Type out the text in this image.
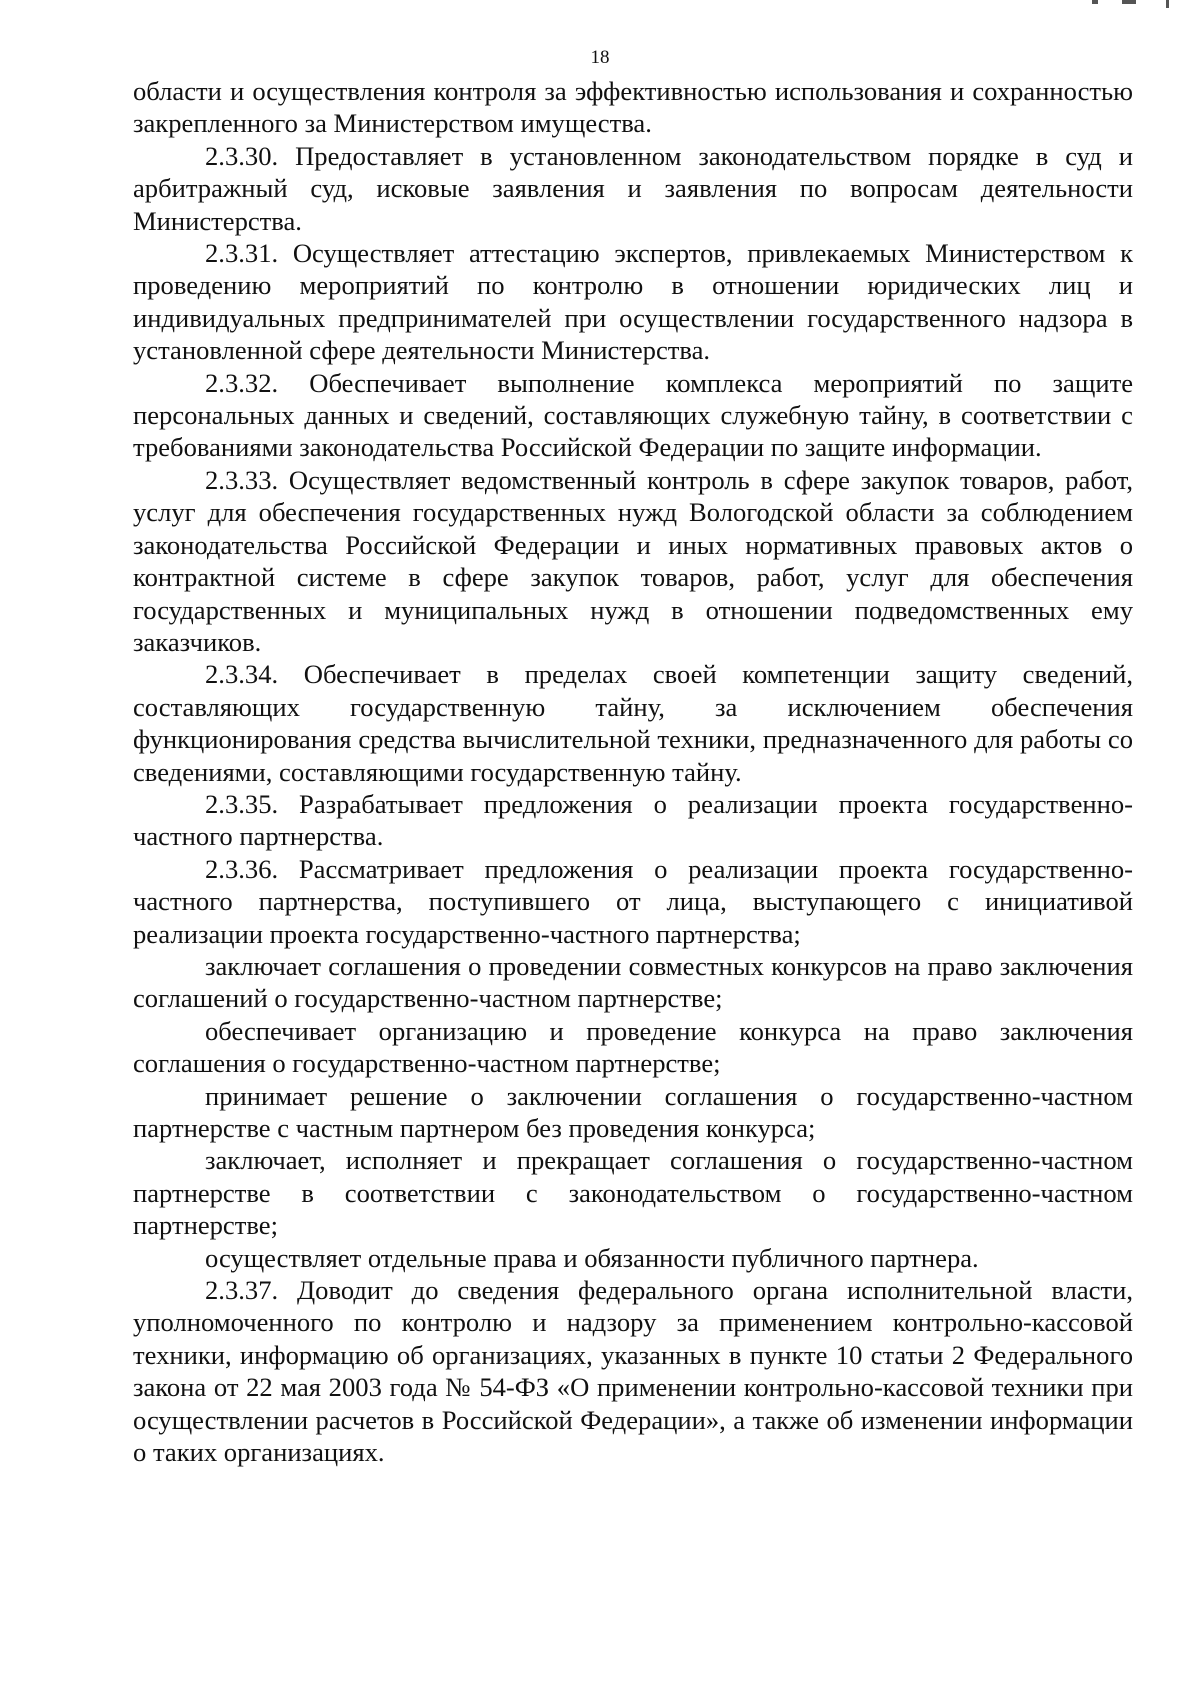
18

области и осуществления контроля за эффективностью использования и сохранностью закрепленного за Министерством имущества.

2.3.30. Предоставляет в установленном законодательством порядке в суд и арбитражный суд, исковые заявления и заявления по вопросам деятельности Министерства.

2.3.31. Осуществляет аттестацию экспертов, привлекаемых Министерством к проведению мероприятий по контролю в отношении юридических лиц и индивидуальных предпринимателей при осуществлении государственного надзора в установленной сфере деятельности Министерства.

2.3.32. Обеспечивает выполнение комплекса мероприятий по защите персональных данных и сведений, составляющих служебную тайну, в соответствии с требованиями законодательства Российской Федерации по защите информации.

2.3.33. Осуществляет ведомственный контроль в сфере закупок товаров, работ, услуг для обеспечения государственных нужд Вологодской области за соблюдением законодательства Российской Федерации и иных нормативных правовых актов о контрактной системе в сфере закупок товаров, работ, услуг для обеспечения государственных и муниципальных нужд в отношении подведомственных ему заказчиков.

2.3.34. Обеспечивает в пределах своей компетенции защиту сведений, составляющих государственную тайну, за исключением обеспечения функционирования средства вычислительной техники, предназначенного для работы со сведениями, составляющими государственную тайну.

2.3.35. Разрабатывает предложения о реализации проекта государственно-частного партнерства.

2.3.36. Рассматривает предложения о реализации проекта государственно-частного партнерства, поступившего от лица, выступающего с инициативой реализации проекта государственно-частного партнерства;

заключает соглашения о проведении совместных конкурсов на право заключения соглашений о государственно-частном партнерстве;

обеспечивает организацию и проведение конкурса на право заключения соглашения о государственно-частном партнерстве;

принимает решение о заключении соглашения о государственно-частном партнерстве с частным партнером без проведения конкурса;

заключает, исполняет и прекращает соглашения о государственно-частном партнерстве в соответствии с законодательством о государственно-частном партнерстве;

осуществляет отдельные права и обязанности публичного партнера.

2.3.37. Доводит до сведения федерального органа исполнительной власти, уполномоченного по контролю и надзору за применением контрольно-кассовой техники, информацию об организациях, указанных в пункте 10 статьи 2 Федерального закона от 22 мая 2003 года № 54-ФЗ «О применении контрольно-кассовой техники при осуществлении расчетов в Российской Федерации», а также об изменении информации о таких организациях.
